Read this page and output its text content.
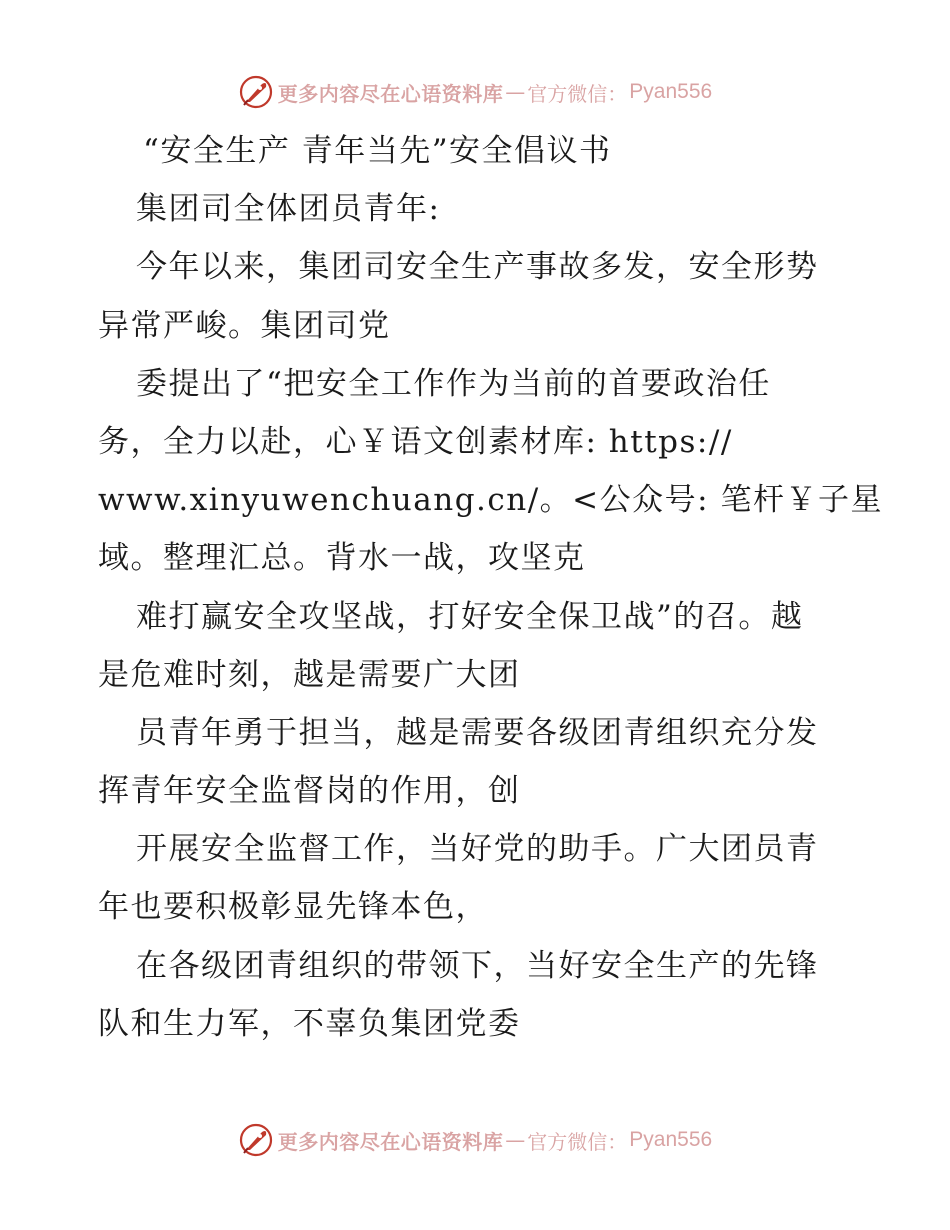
更多内容尽在心语资料库 — 官方微信： Pyan556
“安全生产 青年当先”安全倡议书
集团司全体团员青年:
今年以来，集团司安全生产事故多发，安全形势
异常严峻。集团司党
委提出了“把安全工作作为当前的首要政治任
务，全力以赴，心￥语文创素材库: https://
www.xinyuwenchuang.cn/。<公众号: 笔杆￥子星
域。整理汇总。背水一战，攻坚克
难打赢安全攻坚战，打好安全保卫战”的召。越
是危难时刻，越是需要广大团
员青年勇于担当，越是需要各级团青组织充分发
挥青年安全监督岗的作用，创
开展安全监督工作，当好党的助手。广大团员青
年也要积极彰显先锋本色，
在各级团青组织的带领下，当好安全生产的先锋
队和生力军，不辜负集团党委
更多内容尽在心语资料库 — 官方微信： Pyan556
